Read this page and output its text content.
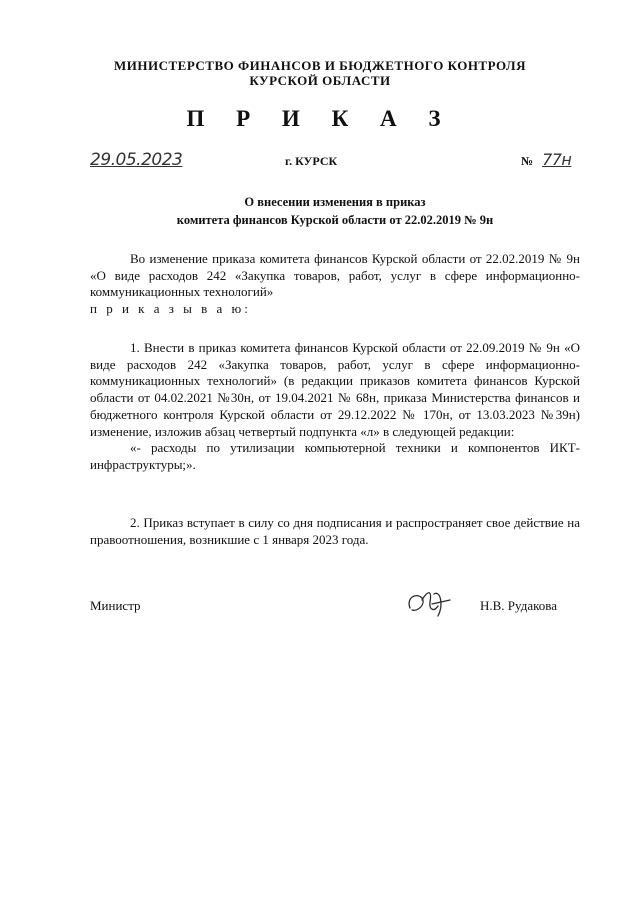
МИНИСТЕРСТВО ФИНАНСОВ И БЮДЖЕТНОГО КОНТРОЛЯ
КУРСКОЙ ОБЛАСТИ
П Р И К А З
29.05.2023	г. КУРСК	№ 77н
О внесении изменения в приказ
комитета финансов Курской области от 22.02.2019 № 9н
Во изменение приказа комитета финансов Курской области от 22.02.2019 № 9н «О виде расходов 242 «Закупка товаров, работ, услуг в сфере информационно-коммуникационных технологий»
п р и к а з ы в а ю:
1. Внести в приказ комитета финансов Курской области от 22.09.2019 № 9н «О виде расходов 242 «Закупка товаров, работ, услуг в сфере информационно-коммуникационных технологий» (в редакции приказов комитета финансов Курской области от 04.02.2021 №30н, от 19.04.2021 № 68н, приказа Министерства финансов и бюджетного контроля Курской области от 29.12.2022 № 170н, от 13.03.2023 №39н) изменение, изложив абзац четвертый подпункта «л» в следующей редакции:
«- расходы по утилизации компьютерной техники и компонентов ИКТ-инфраструктуры;».
2. Приказ вступает в силу со дня подписания и распространяет свое действие на правоотношения, возникшие с 1 января 2023 года.
Министр	Н.В. Рудакова
